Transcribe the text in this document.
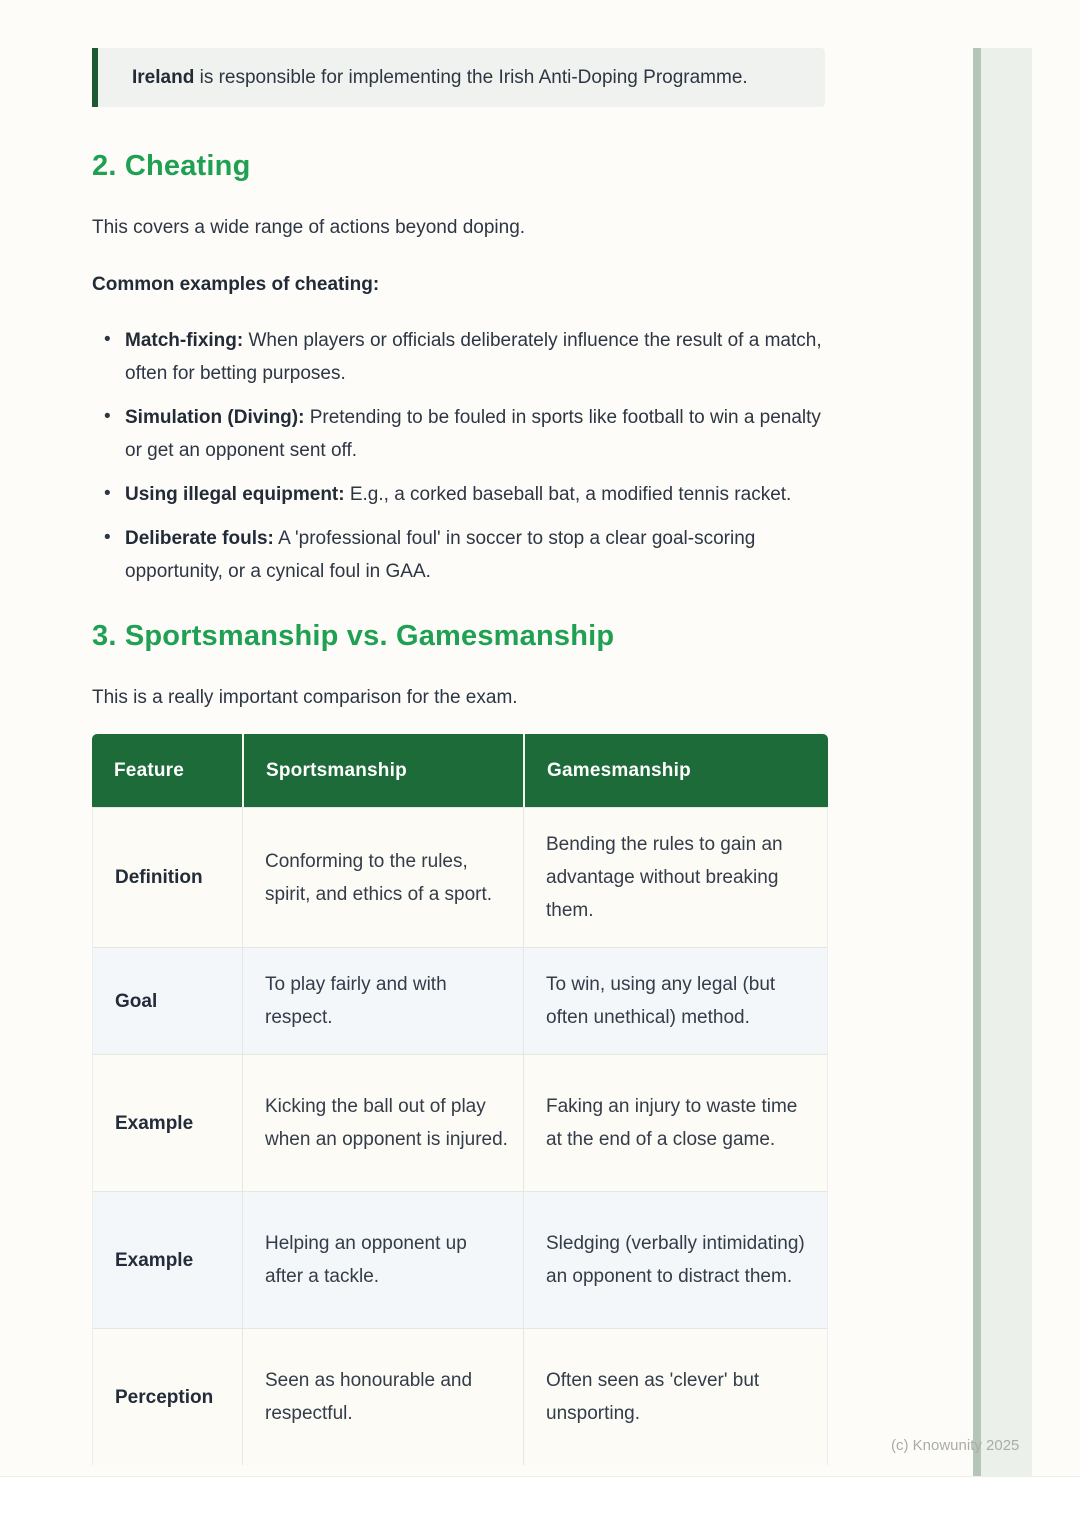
Ireland is responsible for implementing the Irish Anti-Doping Programme.
2. Cheating

This covers a wide range of actions beyond doping.

Common examples of cheating:

• Match-fixing: When players or officials deliberately influence the result of a match, often for betting purposes.
• Simulation (Diving): Pretending to be fouled in sports like football to win a penalty or get an opponent sent off.
• Using illegal equipment: E.g., a corked baseball bat, a modified tennis racket.
• Deliberate fouls: A 'professional foul' in soccer to stop a clear goal-scoring opportunity, or a cynical foul in GAA.
3. Sportsmanship vs. Gamesmanship

This is a really important comparison for the exam.

Feature	Sportsmanship	Gamesmanship
Definition	Conforming to the rules, spirit, and ethics of a sport.	Bending the rules to gain an advantage without breaking them.
Goal	To play fairly and with respect.	To win, using any legal (but often unethical) method.
Example	Kicking the ball out of play when an opponent is injured.	Faking an injury to waste time at the end of a close game.
Example	Helping an opponent up after a tackle.	Sledging (verbally intimidating) an opponent to distract them.
Perception	Seen as honourable and respectful.	Often seen as 'clever' but unsporting.
(c) Knowunity 2025
